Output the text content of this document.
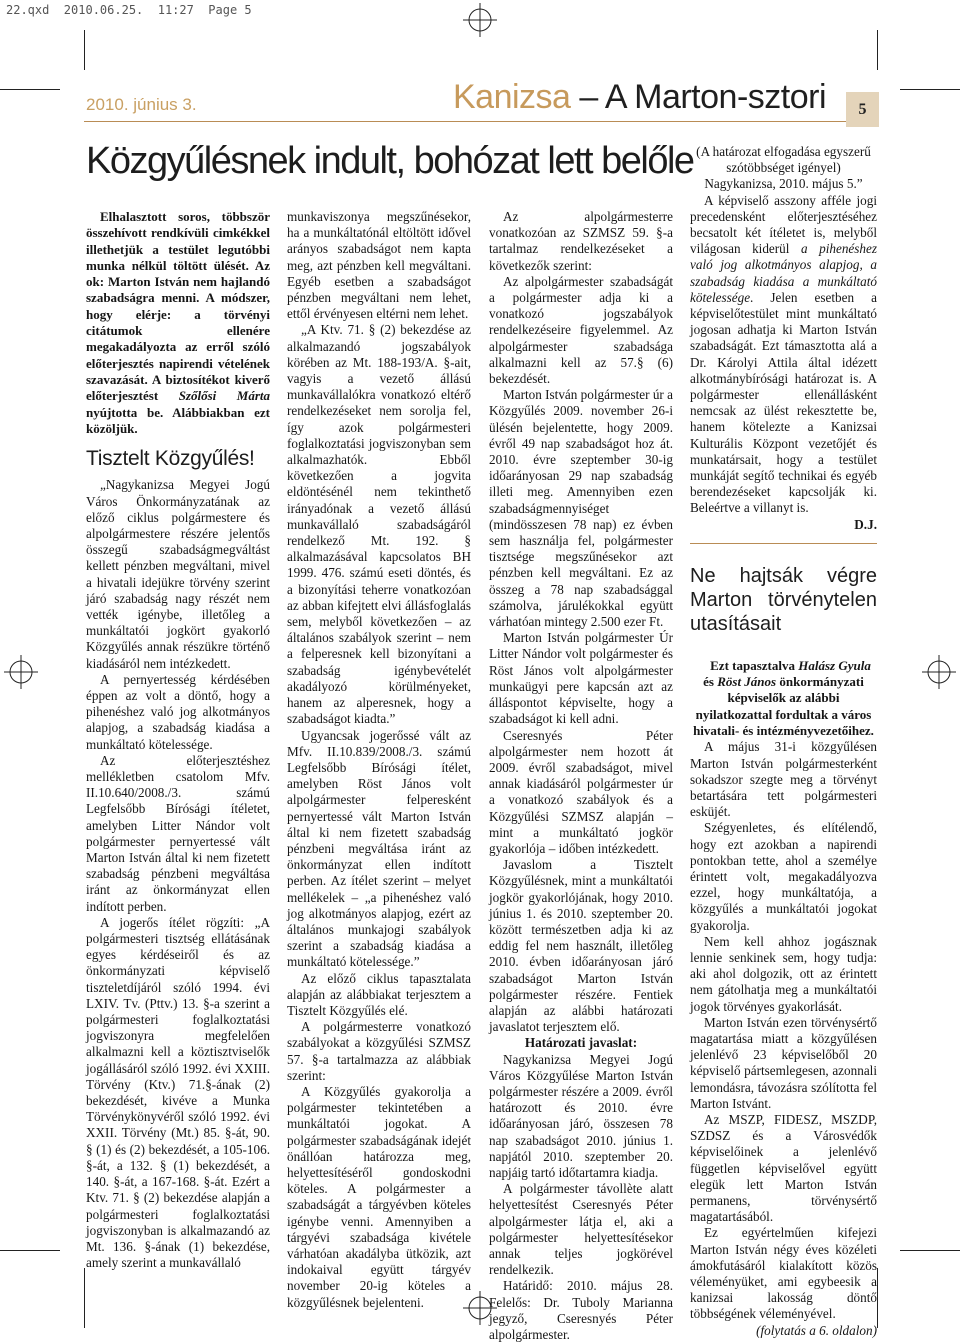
22.qxd  2010.06.25.  11:27  Page 5
2010. június 3.	Kanizsa – A Marton-sztori	5
Közgyűlésnek indult, bohózat lett belőle

Elhalasztott soros, többször összehívott rendkívüli cimkékkel illethetjük a testület legutóbbi munka nélkül töltött ülését. Az ok: Marton István nem hajlandó szabadságra menni. A módszer, hogy elérje: a törvényi citátumok ellenére megakadályozta az erről szóló előterjesztés napirendi vételének szavazását. A biztosítékot kiverő előterjesztést Szőlősi Márta nyújtotta be. Alábbiakban ezt közöljük.

Tisztelt Közgyűlés!

„Nagykanizsa Megyei Jogú Város Önkormányzatának az előző ciklus polgármestere és alpolgármestere részére jelentős összegű szabadságmegváltást kellett pénzben megváltani, mivel a hivatali idejükre törvény szerint járó szabadság nagy részét nem vették igénybe, illetőleg a munkáltatói jogkört gyakorló Közgyűlés annak részükre történő kiadásáról nem intézkedett.

A pernyertesség kérdésében éppen az volt a döntő, hogy a pihenéshez való jog alkotmányos alapjog, a szabadság kiadása a munkáltató kötelessége.

Az előterjesztéshez mellékletben csatolom Mfv. II.10.640/2008./3. számú Legfelsőbb Bírósági ítéletet, amelyben Litter Nándor volt polgármester pernyertessé vált Marton István által ki nem fizetett szabadság pénzbeni megváltása iránt az önkormányzat ellen indított perben.

A jogerős ítélet rögzíti: „A polgármesteri tisztség ellátásának egyes kérdéseiről és az önkormányzati képviselő tiszteletdíjáról szóló 1994. évi LXIV. Tv. (Pttv.) 13. §-a szerint a polgármesteri foglalkoztatási jogviszonyra megfelelően alkalmazni kell a köztisztviselők jogállásáról szóló 1992. évi XXIII. Törvény (Ktv.) 71.§-ának (2) bekezdését, kivéve a Munka Törvénykönyvéről szóló 1992. évi XXII. Törvény (Mt.) 85. §-át, 90. § (1) és (2) bekezdését, a 105-106. §-át, a 132. § (1) bekezdését, a 140. §-át, a 167-168. §-át. Ezért a Ktv. 71. § (2) bekezdése alapján a polgármesteri foglalkoztatási jogviszonyban is alkalmazandó az Mt. 136. §-ának (1) bekezdése, amely szerint a munkavállaló

munkaviszonya megszűnésekor, ha a munkáltatónál eltöltött idővel arányos szabadságot nem kapta meg, azt pénzben kell megváltani. Egyéb esetben a szabadságot pénzben megváltani nem lehet, ettől érvényesen eltérni nem lehet.

„A Ktv. 71. § (2) bekezdése az alkalmazandó jogszabályok körében az Mt. 188-193/A. §-ait, vagyis a vezető állású munkavállalókra vonatkozó eltérő rendelkezéseket nem sorolja fel, így azok polgármesteri foglalkoztatási jogviszonyban sem alkalmazhatók. Ebből következően a jogvita eldöntésénél nem tekinthető irányadónak a vezető állású munkavállaló szabadságáról rendelkező Mt. 192. § alkalmazásával kapcsolatos BH 1999. 476. számú eseti döntés, és a bizonyítási teherre vonatkozóan az abban kifejtett elvi állásfoglalás sem, melyből következően – az általános szabályok szerint – nem a felperesnek kell bizonyítani a szabadság igénybevételét akadályozó körülményeket, hanem az alperesnek, hogy a szabadságot kiadta.”

Ugyancsak jogerőssé vált az Mfv. II.10.839/2008./3. számú Legfelsőbb Bírósági ítélet, amelyben Röst János volt alpolgármester felperesként pernyertessé vált Marton István által ki nem fizetett szabadság pénzbeni megváltása iránt az önkormányzat ellen indított perben. Az ítélet szerint – melyet mellékelek – „a pihenéshez való jog alkotmányos alapjog, ezért az általános munkajogi szabályok szerint a szabadság kiadása a munkáltató kötelessége.”

Az előző ciklus tapasztalata alapján az alábbiakat terjesztem a Tisztelt Közgyűlés elé.

A polgármesterre vonatkozó szabályokat a közgyűlési SZMSZ 57. §-a tartalmazza az alábbiak szerint:

A Közgyűlés gyakorolja a polgármester tekintetében a munkáltatói jogokat. A polgármester szabadságának idejét önállóan határozza meg, helyettesítéséről gondoskodni köteles. A polgármester a szabadságát a tárgyévben köteles igénybe venni. Amennyiben a tárgyévi szabadsága kivétele várhatóan akadályba ütközik, azt indokaival együtt tárgyév november 20-ig köteles a közgyűlésnek bejelenteni.

Az alpolgármesterre vonatkozóan az SZMSZ 59. §-a tartalmaz rendelkezéseket a következők szerint:

Az alpolgármester szabadságát a polgármester adja ki a vonatkozó jogszabályok rendelkezéseire figyelemmel. Az alpolgármester szabadsága alkalmazni kell az 57.§ (6) bekezdését.

Marton István polgármester úr a Közgyűlés 2009. november 26-i ülésén bejelentette, hogy 2009. évről 49 nap szabadságot hoz át. 2010. évre szeptember 30-ig időarányosan 29 nap szabadság illeti meg. Amennyiben ezen szabadságmennyiséget (mindösszesen 78 nap) ez évben sem használja fel, polgármester tisztsége megszűnésekor azt pénzben kell megváltani. Ez az összeg a 78 nap szabadsággal számolva, járulékokkal együtt várhatóan mintegy 2.500 ezer Ft.

Marton István polgármester Úr Litter Nándor volt polgármester és Röst János volt alpolgármester munkaügyi pere kapcsán azt az álláspontot képviselte, hogy a szabadságot ki kell adni.

Cseresnyés Péter alpolgármester nem hozott át 2009. évről szabadságot, mivel annak kiadásáról polgármester úr a vonatkozó szabályok és a Közgyűlési SZMSZ alapján – mint a munkáltató jogkör gyakorlója – időben intézkedett.

Javaslom a Tisztelt Közgyűlésnek, mint a munkáltatói jogkör gyakorlójának, hogy 2010. június 1. és 2010. szeptember 20. között természetben adja ki az eddig fel nem használt, illetőleg 2010. évben időarányosan járó szabadságot Marton István polgármester részére. Fentiek alapján az alábbi határozati javaslatot terjesztem elő.

Határozati javaslat:

Nagykanizsa Megyei Jogú Város Közgyűlése Marton István polgármester részére a 2009. évről határozott és 2010. évre időarányosan járó, összesen 78 nap szabadságot 2010. június 1. napjától 2010. szeptember 20. napjáig tartó időtartamra kiadja.

A polgármester távollète alatt helyettesítést Cseresnyés Péter alpolgármester látja el, aki a polgármester helyettesítésekor annak teljes jogkörével rendelkezik.

Határidő: 2010. május 28. Felelős: Dr. Tuboly Marianna jegyző, Cseresnyés Péter alpolgármester.

(A határozat elfogadása egyszerű szótöbbséget igényel)

Nagykanizsa, 2010. május 5.”

A képviselő asszony afféle jogi precedensként előterjesztéséhez becsatolt két ítéletet is, melyből világosan kiderül a pihenéshez való jog alkotmányos alapjog, a szabadság kiadása a munkáltató kötelessége. Jelen esetben a képviselőtestület mint munkáltató jogosan adhatja ki Marton István szabadságát. Ezt támasztotta alá a Dr. Károlyi Attila által idézett alkotmánybírósági határozat is. A polgármester ellenállásként nemcsak az ülést rekesztette be, hanem kötelezte a Kanizsai Kulturális Központ vezetőjét és munkatársait, hogy a testület munkáját segítő technikai és egyéb berendezéseket kapcsolják ki. Beleértve a villanyt is.

D.J.

Ne hajtsák végre Marton törvénytelen utasításait

Ezt tapasztalva Halász Gyula és Röst János önkormányzati képviselők az alábbi nyilatkozattal fordultak a város hivatali- és intézményvezetőihez.

A május 31-i közgyűlésen Marton István polgármesterként sokadszor szegte meg a törvényt betartására tett polgármesteri esküjét.

Szégyenletes, és elítélendő, hogy ezt azokban a napirendi pontokban tette, ahol a személye érintett volt, megakadályozva ezzel, hogy munkáltatója, a közgyűlés a munkáltatói jogokat gyakorolja.

Nem kell ahhoz jogásznak lennie senkinek sem, hogy tudja: aki ahol dolgozik, ott az érintett nem gátolhatja meg a munkáltatói jogok törvényes gyakorlását.

Marton István ezen törvénysértő magatartása miatt a közgyűlésen jelenlévő 23 képviselőből 20 képviselő pártsemlegesen, azonnali lemondásra, távozásra szólította fel Marton Istvánt.

Az MSZP, FIDESZ, MSZDP, SZDSZ és a Városvédők képviselőinek a jelenlévő független képviselővel együtt elegük lett Marton István permanens, törvénysértő magatartásából.

Ez egyértelműen kifejezi Marton István négy éves közéleti ámokfutásáról kialakított közös véleményüket, ami egybeesik a kanizsai lakosság döntő többségének véleményével.

(folytatás a 6. oldalon)
